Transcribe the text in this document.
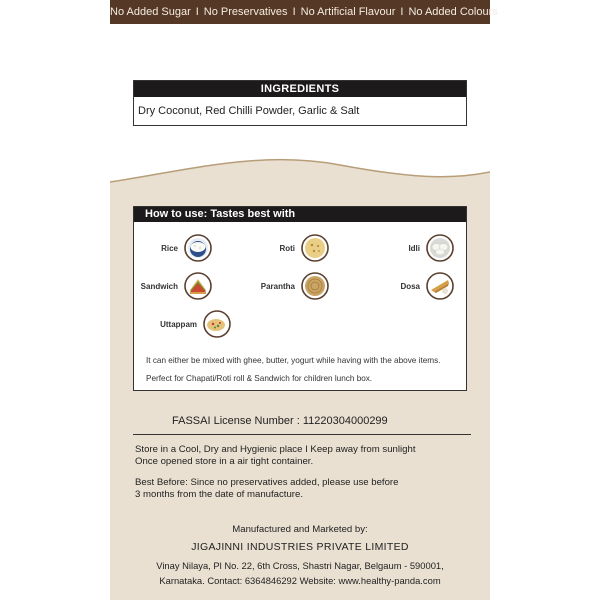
No Added Sugar I No Preservatives I No Artificial Flavour I No Added Colours
INGREDIENTS
Dry Coconut, Red Chilli Powder, Garlic & Salt
How to use: Tastes best with
Rice	Roti	Idli
Sandwich	Parantha	Dosa
Uttappam
It can either be mixed with ghee, butter, yogurt while having with the above items.
Perfect for Chapati/Roti roll & Sandwich for children lunch box.
FASSAI License Number : 11220304000299
Store in a Cool, Dry and Hygienic place I Keep away from sunlight
Once opened store in a air tight container.
Best Before: Since no preservatives added, please use before
3 months from the date of manufacture.
Manufactured and Marketed by:
JIGAJINNI INDUSTRIES PRIVATE LIMITED
Vinay Nilaya, Pl No. 22, 6th Cross, Shastri Nagar, Belgaum - 590001,
Karnataka. Contact: 6364846292 Website: www.healthy-panda.com
